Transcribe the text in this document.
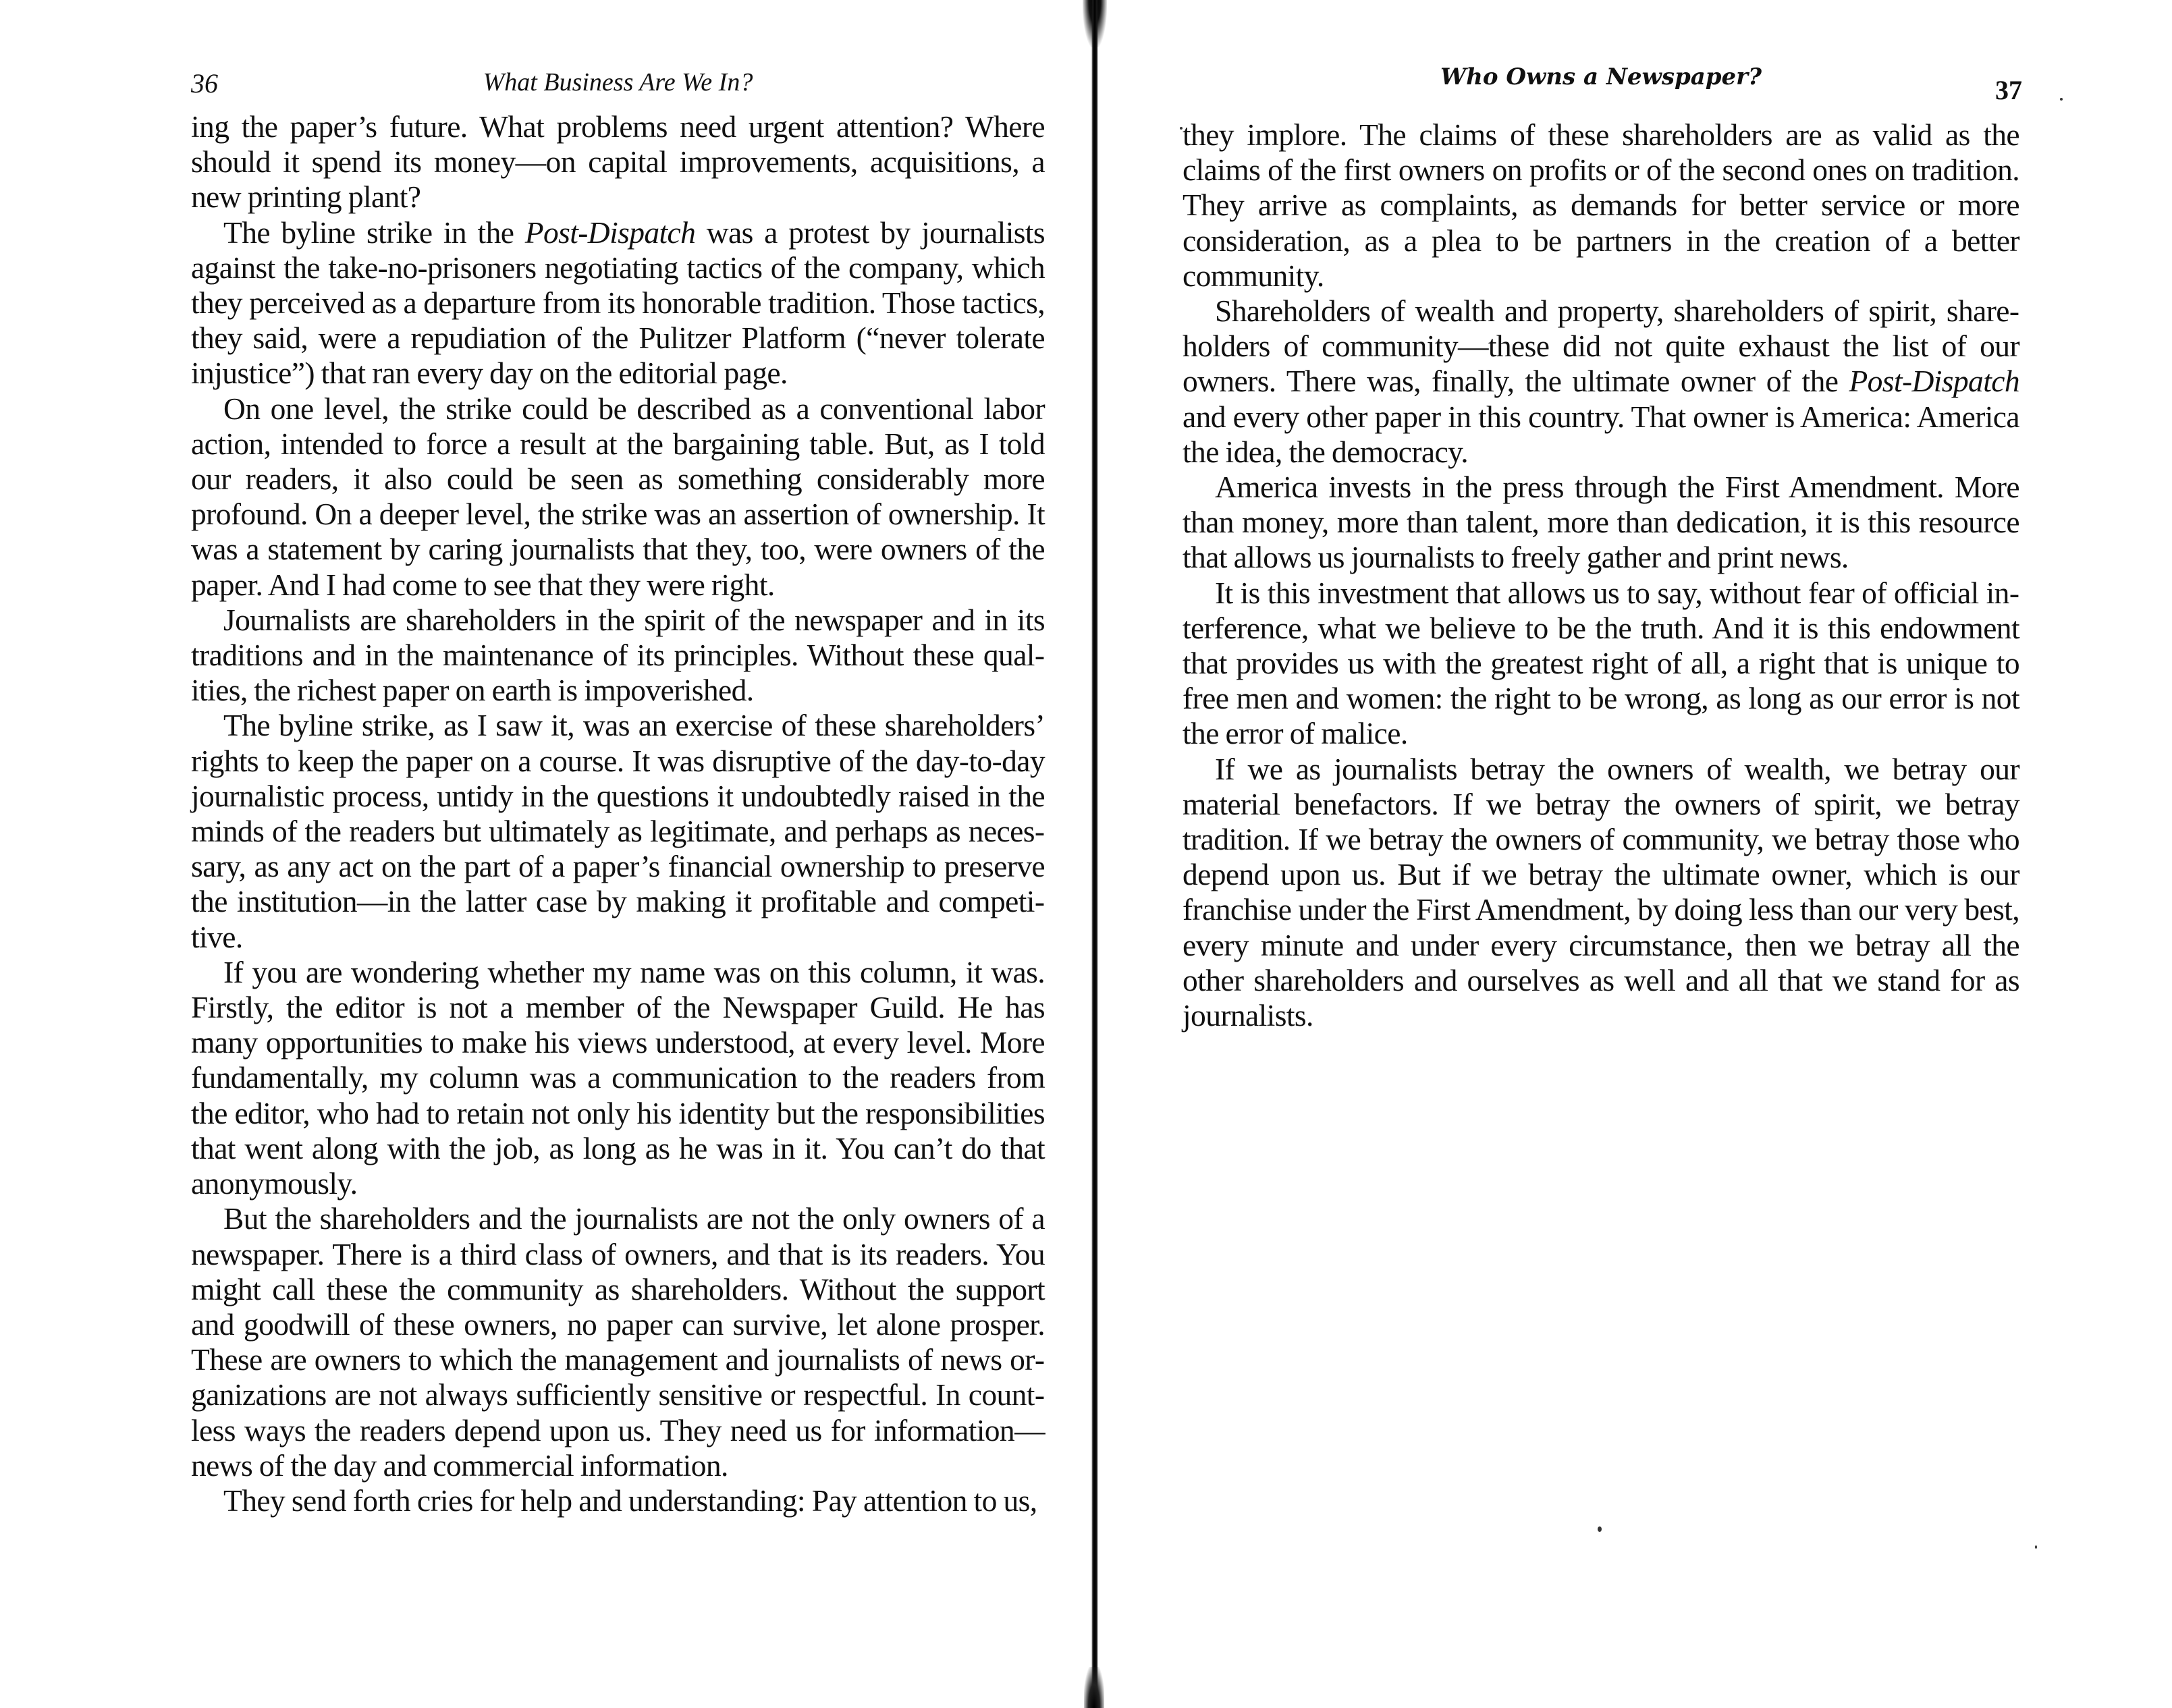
36	What Business Are We In?

ing the paper’s future. What problems need urgent attention? Where should it spend its money—on capital improvements, acquisitions, a new printing plant?

The byline strike in the Post-Dispatch was a protest by journalists against the take-no-prisoners negotiating tactics of the company, which they perceived as a departure from its honorable tradition. Those tactics, they said, were a repudiation of the Pulitzer Platform (“never tolerate injustice”) that ran every day on the editorial page.

On one level, the strike could be described as a conventional labor action, intended to force a result at the bargaining table. But, as I told our readers, it also could be seen as something considerably more profound. On a deeper level, the strike was an assertion of ownership. It was a statement by caring journalists that they, too, were owners of the paper. And I had come to see that they were right.

Journalists are shareholders in the spirit of the newspaper and in its traditions and in the maintenance of its principles. Without these qualities, the richest paper on earth is impoverished.

The byline strike, as I saw it, was an exercise of these shareholders’ rights to keep the paper on a course. It was disruptive of the day-to-day journalistic process, untidy in the questions it undoubtedly raised in the minds of the readers but ultimately as legitimate, and perhaps as necessary, as any act on the part of a paper’s financial ownership to preserve the institution—in the latter case by making it profitable and competitive.

If you are wondering whether my name was on this column, it was. Firstly, the editor is not a member of the Newspaper Guild. He has many opportunities to make his views understood, at every level. More fundamentally, my column was a communication to the readers from the editor, who had to retain not only his identity but the responsibilities that went along with the job, as long as he was in it. You can’t do that anonymously.

But the shareholders and the journalists are not the only owners of a newspaper. There is a third class of owners, and that is its readers. You might call these the community as shareholders. Without the support and goodwill of these owners, no paper can survive, let alone prosper. These are owners to which the management and journalists of news organizations are not always sufficiently sensitive or respectful. In countless ways the readers depend upon us. They need us for information—news of the day and commercial information.

They send forth cries for help and understanding: Pay attention to us,

Who Owns a Newspaper?	37

they implore. The claims of these shareholders are as valid as the claims of the first owners on profits or of the second ones on tradition. They arrive as complaints, as demands for better service or more consideration, as a plea to be partners in the creation of a better community.

Shareholders of wealth and property, shareholders of spirit, shareholders of community—these did not quite exhaust the list of our owners. There was, finally, the ultimate owner of the Post-Dispatch and every other paper in this country. That owner is America: America the idea, the democracy.

America invests in the press through the First Amendment. More than money, more than talent, more than dedication, it is this resource that allows us journalists to freely gather and print news.

It is this investment that allows us to say, without fear of official interference, what we believe to be the truth. And it is this endowment that provides us with the greatest right of all, a right that is unique to free men and women: the right to be wrong, as long as our error is not the error of malice.

If we as journalists betray the owners of wealth, we betray our material benefactors. If we betray the owners of spirit, we betray tradition. If we betray the owners of community, we betray those who depend upon us. But if we betray the ultimate owner, which is our franchise under the First Amendment, by doing less than our very best, every minute and under every circumstance, then we betray all the other shareholders and ourselves as well and all that we stand for as journalists.
